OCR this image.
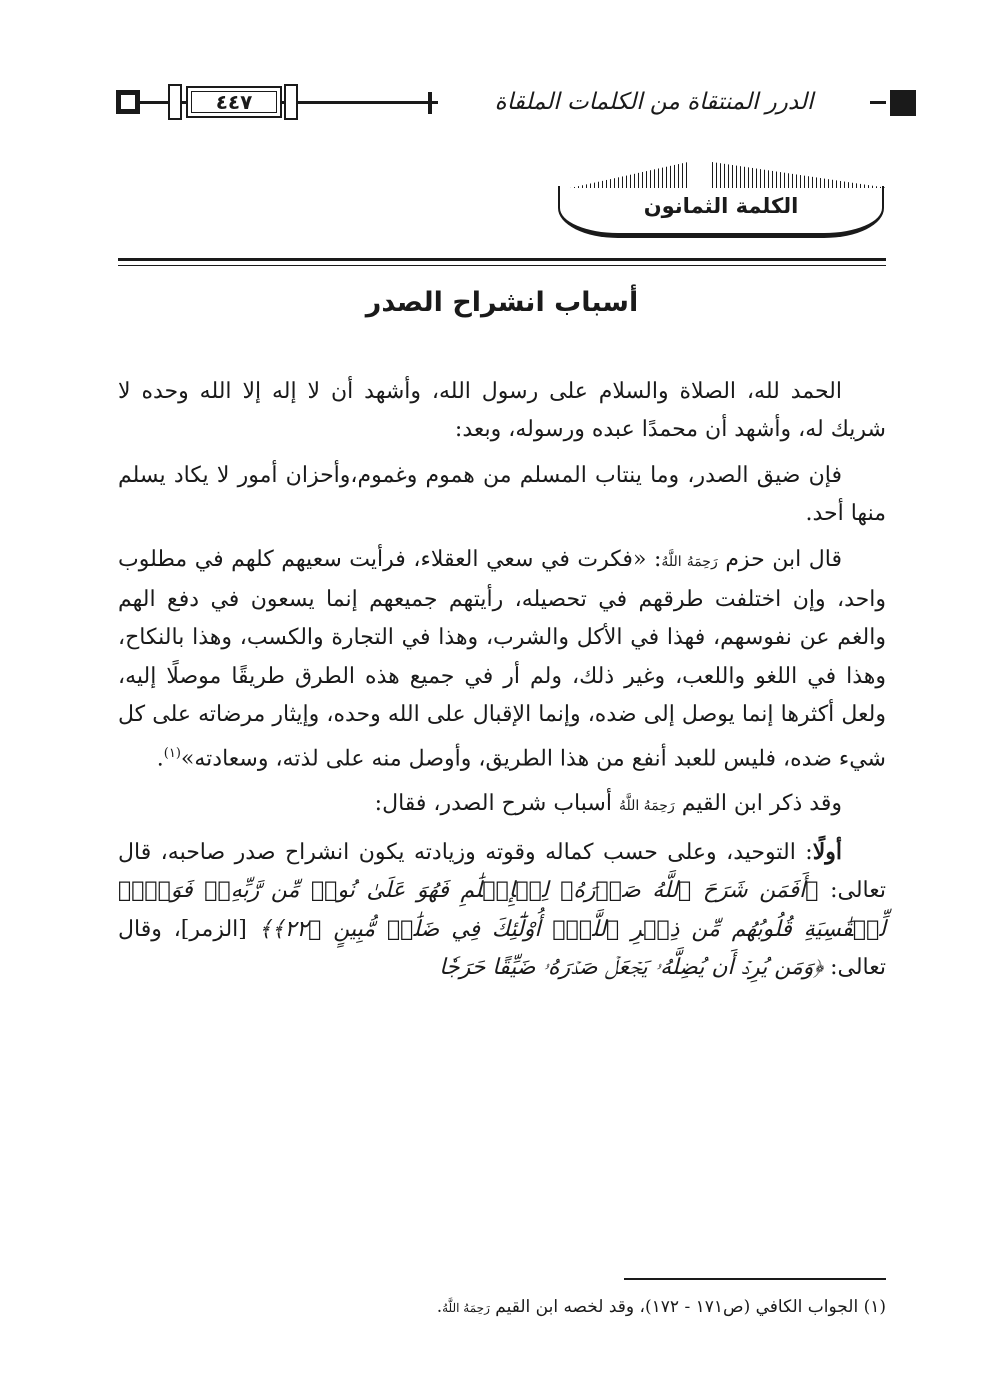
٤٤٧	الدرر المنتقاة من الكلمات الملقاة
الكلمة الثمانون
أسباب انشراح الصدر

الحمد لله، الصلاة والسلام على رسول الله، وأشهد أن لا إله إلا الله وحده لا شريك له، وأشهد أن محمدًا عبده ورسوله، وبعد:

فإن ضيق الصدر، وما ينتاب المسلم من هموم وغموم،وأحزان أمور لا يكاد يسلم منها أحد.

قال ابن حزم رَحِمَهُ اللَّهُ: «فكرت في سعي العقلاء، فرأيت سعيهم كلهم في مطلوب واحد، وإن اختلفت طرقهم في تحصيله، رأيتهم جميعهم إنما يسعون في دفع الهم والغم عن نفوسهم، فهذا في الأكل والشرب، وهذا في التجارة والكسب، وهذا بالنكاح، وهذا في اللغو واللعب، وغير ذلك، ولم أر في جميع هذه الطرق طريقًا موصلًا إليه، ولعل أكثرها إنما يوصل إلى ضده، وإنما الإقبال على الله وحده، وإيثار مرضاته على كل شيء ضده، فليس للعبد أنفع من هذا الطريق، وأوصل منه على لذته، وسعادته»$^{(١)}$.

وقد ذكر ابن القيم رَحِمَهُ اللَّهُ أسباب شرح الصدر، فقال:

أولًا: التوحيد، وعلى حسب كماله وقوته وزيادته يكون انشراح صدر صاحبه، قال تعالى: ﴿أَفَمَن شَرَحَ ٱللَّهُ صَدۡرَهُۥ لِلۡإِسۡلَٰمِ فَهُوَ عَلَىٰ نُورٖ مِّن رَّبِّهِۦۚ فَوَيۡلٞ لِّلۡقَٰسِيَةِ قُلُوبُهُم مِّن ذِكۡرِ ٱللَّهِۚ أُوْلَٰٓئِكَ فِي ضَلَٰلٖ مُّبِينٍ ﴿٢٢﴾﴾ [الزمر]، وقال تعالى: ﴿وَمَن يُرِدۡ أَن يُضِلَّهُۥ يَجۡعَلۡ صَدۡرَهُۥ ضَيِّقًا حَرَجٗا

(١) الجواب الكافي (ص١٧١ - ١٧٢)، وقد لخصه ابن القيم رَحِمَهُ اللَّهُ.
